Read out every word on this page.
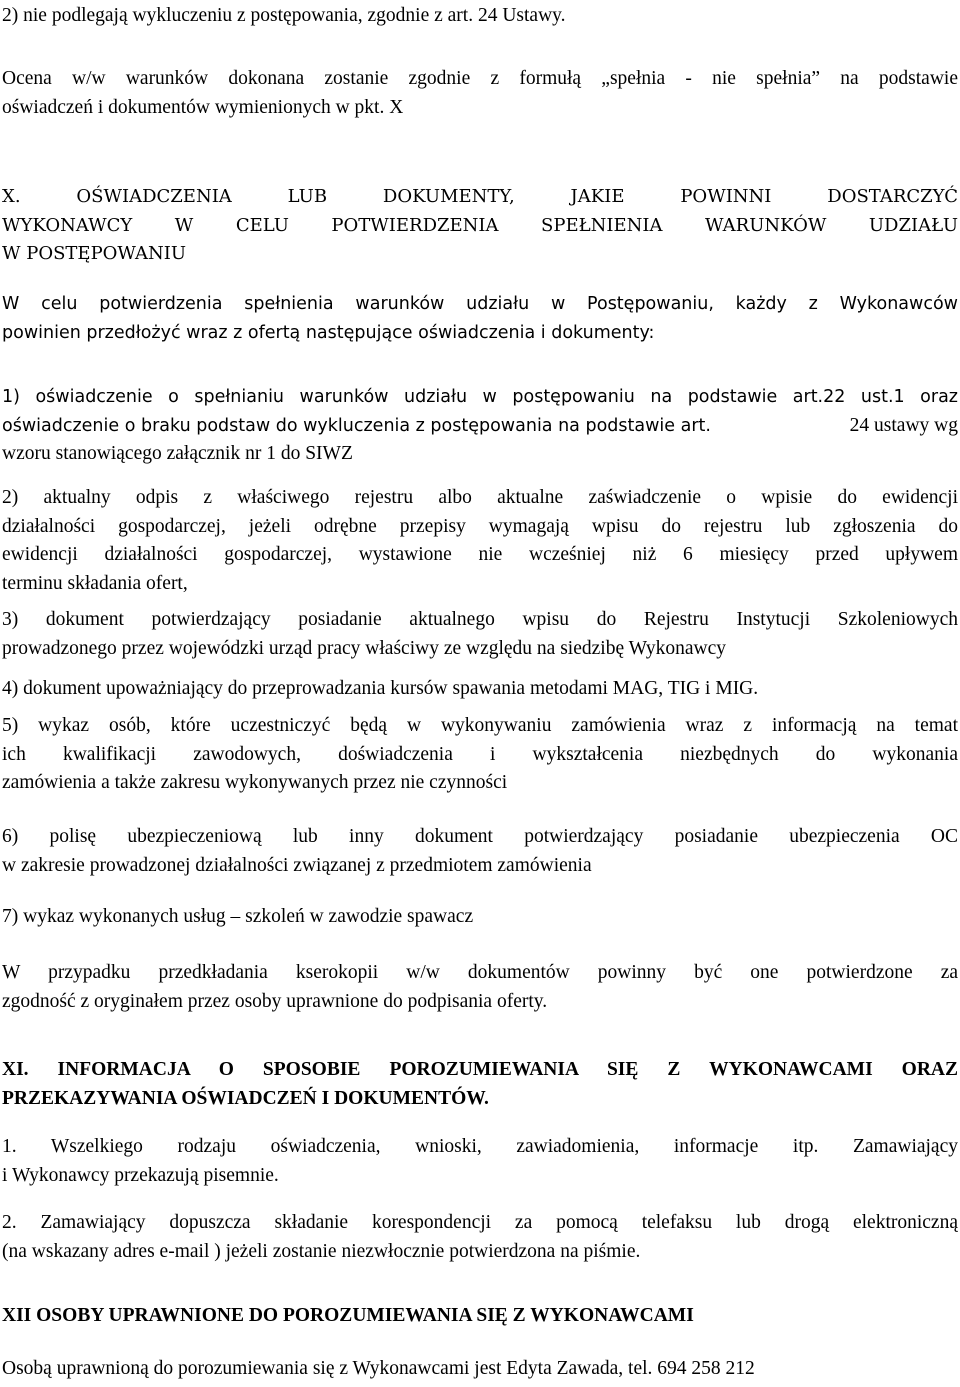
2) nie podlegają wykluczeniu z postępowania, zgodnie z art. 24 Ustawy.
Ocena w/w warunków dokonana zostanie zgodnie z formułą „spełnia - nie spełnia” na podstawie
oświadczeń i dokumentów wymienionych w pkt. X
X. OŚWIADCZENIA LUB DOKUMENTY, JAKIE POWINNI DOSTARCZYĆ
WYKONAWCY W CELU POTWIERDZENIA SPEŁNIENIA WARUNKÓW UDZIAŁU
W POSTĘPOWANIU
W celu potwierdzenia spełnienia warunków udziału w Postępowaniu, każdy z Wykonawców
powinien przedłożyć wraz z ofertą następujące oświadczenia i dokumenty:
1) oświadczenie o spełnianiu warunków udziału w postępowaniu na podstawie art.22 ust.1 oraz
oświadczenie o braku podstaw do wykluczenia z postępowania na podstawie art.	24 ustawy wg
wzoru stanowiącego załącznik nr 1 do SIWZ
2) aktualny odpis z właściwego rejestru albo aktualne zaświadczenie o wpisie do ewidencji
działalności gospodarczej, jeżeli odrębne przepisy wymagają wpisu do rejestru lub zgłoszenia do
ewidencji działalności gospodarczej, wystawione nie wcześniej niż 6 miesięcy przed upływem
terminu składania ofert,
3) dokument potwierdzający posiadanie aktualnego wpisu do Rejestru Instytucji Szkoleniowych
prowadzonego przez wojewódzki urząd pracy właściwy ze względu na siedzibę Wykonawcy
4) dokument upoważniający do przeprowadzania kursów spawania metodami MAG, TIG i MIG.
5) wykaz osób, które uczestniczyć będą w wykonywaniu zamówienia wraz z informacją na temat
ich kwalifikacji zawodowych, doświadczenia i wykształcenia niezbędnych do wykonania
zamówienia a także zakresu wykonywanych przez nie czynności
6) polisę ubezpieczeniową lub inny dokument potwierdzający posiadanie ubezpieczenia OC
w zakresie prowadzonej działalności związanej z przedmiotem zamówienia
7) wykaz wykonanych usług – szkoleń w zawodzie spawacz
W przypadku przedkładania kserokopii w/w dokumentów powinny być one potwierdzone za
zgodność z oryginałem przez osoby uprawnione do podpisania oferty.
XI. INFORMACJA O SPOSOBIE POROZUMIEWANIA SIĘ Z WYKONAWCAMI ORAZ
PRZEKAZYWANIA OŚWIADCZEŃ I DOKUMENTÓW.
1. Wszelkiego rodzaju oświadczenia, wnioski, zawiadomienia, informacje itp. Zamawiający
i Wykonawcy przekazują pisemnie.
2. Zamawiający dopuszcza składanie korespondencji za pomocą telefaksu lub drogą elektroniczną
(na wskazany adres e-mail ) jeżeli zostanie niezwłocznie potwierdzona na piśmie.
XII OSOBY UPRAWNIONE DO POROZUMIEWANIA SIĘ Z WYKONAWCAMI
Osobą uprawnioną do porozumiewania się z Wykonawcami jest Edyta Zawada, tel. 694 258 212
